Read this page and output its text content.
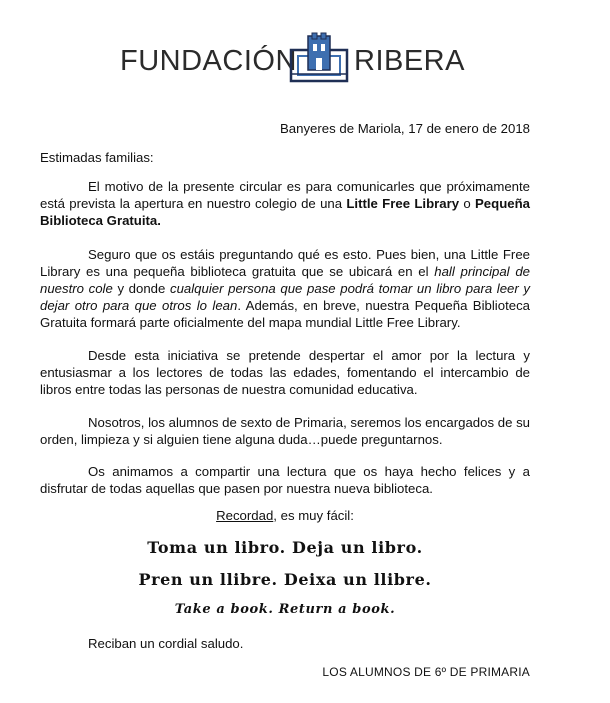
FUNDACIÓN RIBERA
Banyeres de Mariola, 17 de enero de 2018
Estimadas familias:

El motivo de la presente circular es para comunicarles que próximamente está prevista la apertura en nuestro colegio de una Little Free Library o Pequeña Biblioteca Gratuita.

Seguro que os estáis preguntando qué es esto. Pues bien, una Little Free Library es una pequeña biblioteca gratuita que se ubicará en el hall principal de nuestro cole y donde cualquier persona que pase podrá tomar un libro para leer y dejar otro para que otros lo lean. Además, en breve, nuestra Pequeña Biblioteca Gratuita formará parte oficialmente del mapa mundial Little Free Library.

Desde esta iniciativa se pretende despertar el amor por la lectura y entusiasmar a los lectores de todas las edades, fomentando el intercambio de libros entre todas las personas de nuestra comunidad educativa.

Nosotros, los alumnos de sexto de Primaria, seremos los encargados de su orden, limpieza y si alguien tiene alguna duda…puede preguntarnos.

Os animamos a compartir una lectura que os haya hecho felices y a disfrutar de todas aquellas que pasen por nuestra nueva biblioteca.

Recordad, es muy fácil:
Toma un libro. Deja un libro.
Pren un llibre. Deixa un llibre.
Take a book. Return a book.
Reciban un cordial saludo.
LOS ALUMNOS DE 6º DE PRIMARIA
